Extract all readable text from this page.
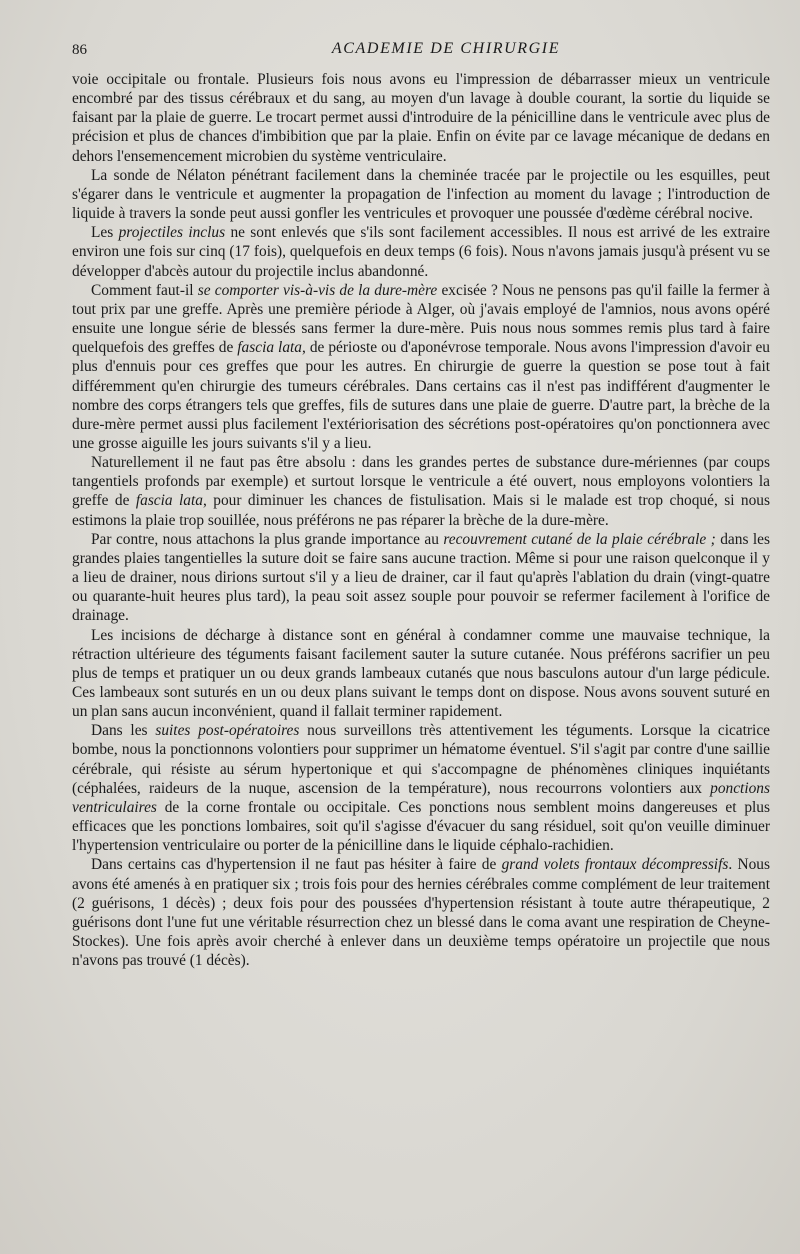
86	ACADEMIE DE CHIRURGIE

voie occipitale ou frontale. Plusieurs fois nous avons eu l'impression de débarrasser mieux un ventricule encombré par des tissus cérébraux et du sang, au moyen d'un lavage à double courant, la sortie du liquide se faisant par la plaie de guerre. Le trocart permet aussi d'introduire de la pénicilline dans le ventricule avec plus de précision et plus de chances d'imbibition que par la plaie. Enfin on évite par ce lavage mécanique de dedans en dehors l'ensemencement microbien du système ventriculaire.

La sonde de Nélaton pénétrant facilement dans la cheminée tracée par le projectile ou les esquilles, peut s'égarer dans le ventricule et augmenter la propagation de l'infection au moment du lavage ; l'introduction de liquide à travers la sonde peut aussi gonfler les ventricules et provoquer une poussée d'œdème cérébral nocive.

Les projectiles inclus ne sont enlevés que s'ils sont facilement accessibles. Il nous est arrivé de les extraire environ une fois sur cinq (17 fois), quelquefois en deux temps (6 fois). Nous n'avons jamais jusqu'à présent vu se développer d'abcès autour du projectile inclus abandonné.

Comment faut-il se comporter vis-à-vis de la dure-mère excisée ? Nous ne pensons pas qu'il faille la fermer à tout prix par une greffe. Après une première période à Alger, où j'avais employé de l'amnios, nous avons opéré ensuite une longue série de blessés sans fermer la dure-mère. Puis nous nous sommes remis plus tard à faire quelquefois des greffes de fascia lata, de périoste ou d'aponévrose temporale. Nous avons l'impression d'avoir eu plus d'ennuis pour ces greffes que pour les autres. En chirurgie de guerre la question se pose tout à fait différemment qu'en chirurgie des tumeurs cérébrales. Dans certains cas il n'est pas indifférent d'augmenter le nombre des corps étrangers tels que greffes, fils de sutures dans une plaie de guerre. D'autre part, la brèche de la dure-mère permet aussi plus facilement l'extériorisation des sécrétions post-opératoires qu'on ponctionnera avec une grosse aiguille les jours suivants s'il y a lieu.

Naturellement il ne faut pas être absolu : dans les grandes pertes de substance dure-mériennes (par coups tangentiels profonds par exemple) et surtout lorsque le ventricule a été ouvert, nous employons volontiers la greffe de fascia lata, pour diminuer les chances de fistulisation. Mais si le malade est trop choqué, si nous estimons la plaie trop souillée, nous préférons ne pas réparer la brèche de la dure-mère.

Par contre, nous attachons la plus grande importance au recouvrement cutané de la plaie cérébrale ; dans les grandes plaies tangentielles la suture doit se faire sans aucune traction. Même si pour une raison quelconque il y a lieu de drainer, nous dirions surtout s'il y a lieu de drainer, car il faut qu'après l'ablation du drain (vingt-quatre ou quarante-huit heures plus tard), la peau soit assez souple pour pouvoir se refermer facilement à l'orifice de drainage.

Les incisions de décharge à distance sont en général à condamner comme une mauvaise technique, la rétraction ultérieure des téguments faisant facilement sauter la suture cutanée. Nous préférons sacrifier un peu plus de temps et pratiquer un ou deux grands lambeaux cutanés que nous basculons autour d'un large pédicule. Ces lambeaux sont suturés en un ou deux plans suivant le temps dont on dispose. Nous avons souvent suturé en un plan sans aucun inconvénient, quand il fallait terminer rapidement.

Dans les suites post-opératoires nous surveillons très attentivement les téguments. Lorsque la cicatrice bombe, nous la ponctionnons volontiers pour supprimer un hématome éventuel. S'il s'agit par contre d'une saillie cérébrale, qui résiste au sérum hypertonique et qui s'accompagne de phénomènes cliniques inquiétants (céphalées, raideurs de la nuque, ascension de la température), nous recourrons volontiers aux ponctions ventriculaires de la corne frontale ou occipitale. Ces ponctions nous semblent moins dangereuses et plus efficaces que les ponctions lombaires, soit qu'il s'agisse d'évacuer du sang résiduel, soit qu'on veuille diminuer l'hypertension ventriculaire ou porter de la pénicilline dans le liquide céphalo-rachidien.

Dans certains cas d'hypertension il ne faut pas hésiter à faire de grand volets frontaux décompressifs. Nous avons été amenés à en pratiquer six ; trois fois pour des hernies cérébrales comme complément de leur traitement (2 guérisons, 1 décès) ; deux fois pour des poussées d'hypertension résistant à toute autre thérapeutique, 2 guérisons dont l'une fut une véritable résurrection chez un blessé dans le coma avant une respiration de Cheyne-Stockes). Une fois après avoir cherché à enlever dans un deuxième temps opératoire un projectile que nous n'avons pas trouvé (1 décès).
